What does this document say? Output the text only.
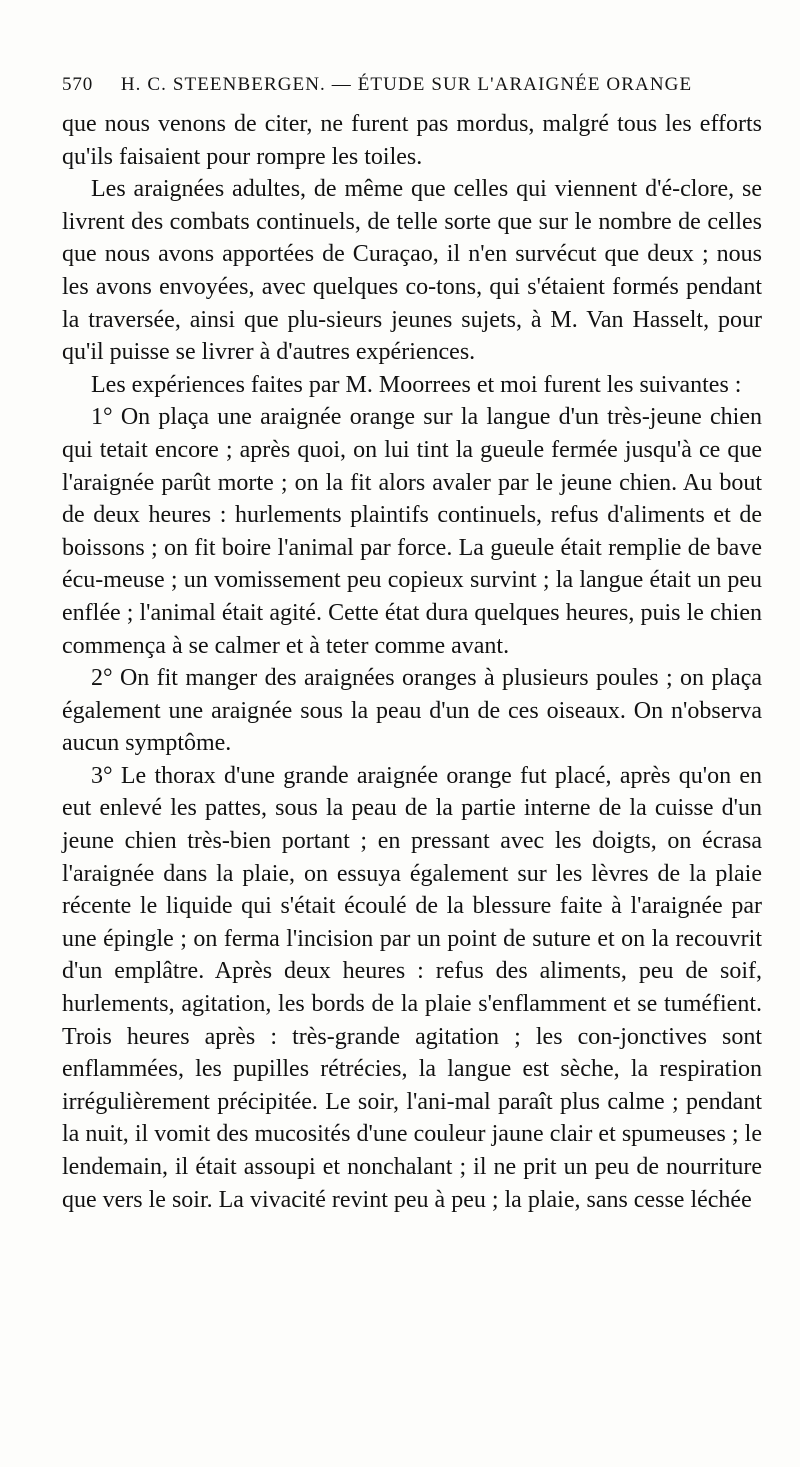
570 H. C. STEENBERGEN. — ÉTUDE SUR L'ARAIGNÉE ORANGE

que nous venons de citer, ne furent pas mordus, malgré tous les efforts qu'ils faisaient pour rompre les toiles.

Les araignées adultes, de même que celles qui viennent d'é-clore, se livrent des combats continuels, de telle sorte que sur le nombre de celles que nous avons apportées de Curaçao, il n'en survécut que deux ; nous les avons envoyées, avec quelques co-tons, qui s'étaient formés pendant la traversée, ainsi que plu-sieurs jeunes sujets, à M. Van Hasselt, pour qu'il puisse se livrer à d'autres expériences.

Les expériences faites par M. Moorrees et moi furent les suivantes :

1° On plaça une araignée orange sur la langue d'un très-jeune chien qui tetait encore ; après quoi, on lui tint la gueule fermée jusqu'à ce que l'araignée parût morte ; on la fit alors avaler par le jeune chien. Au bout de deux heures : hurlements plaintifs continuels, refus d'aliments et de boissons ; on fit boire l'animal par force. La gueule était remplie de bave écu-meuse ; un vomissement peu copieux survint ; la langue était un peu enflée ; l'animal était agité. Cette état dura quelques heures, puis le chien commença à se calmer et à teter comme avant.

2° On fit manger des araignées oranges à plusieurs poules ; on plaça également une araignée sous la peau d'un de ces oiseaux. On n'observa aucun symptôme.

3° Le thorax d'une grande araignée orange fut placé, après qu'on en eut enlevé les pattes, sous la peau de la partie interne de la cuisse d'un jeune chien très-bien portant ; en pressant avec les doigts, on écrasa l'araignée dans la plaie, on essuya également sur les lèvres de la plaie récente le liquide qui s'était écoulé de la blessure faite à l'araignée par une épingle ; on ferma l'incision par un point de suture et on la recouvrit d'un emplâtre. Après deux heures : refus des aliments, peu de soif, hurlements, agitation, les bords de la plaie s'enflamment et se tuméfient. Trois heures après : très-grande agitation ; les con-jonctives sont enflammées, les pupilles rétrécies, la langue est sèche, la respiration irrégulièrement précipitée. Le soir, l'ani-mal paraît plus calme ; pendant la nuit, il vomit des mucosités d'une couleur jaune clair et spumeuses ; le lendemain, il était assoupi et nonchalant ; il ne prit un peu de nourriture que vers le soir. La vivacité revint peu à peu ; la plaie, sans cesse léchée
